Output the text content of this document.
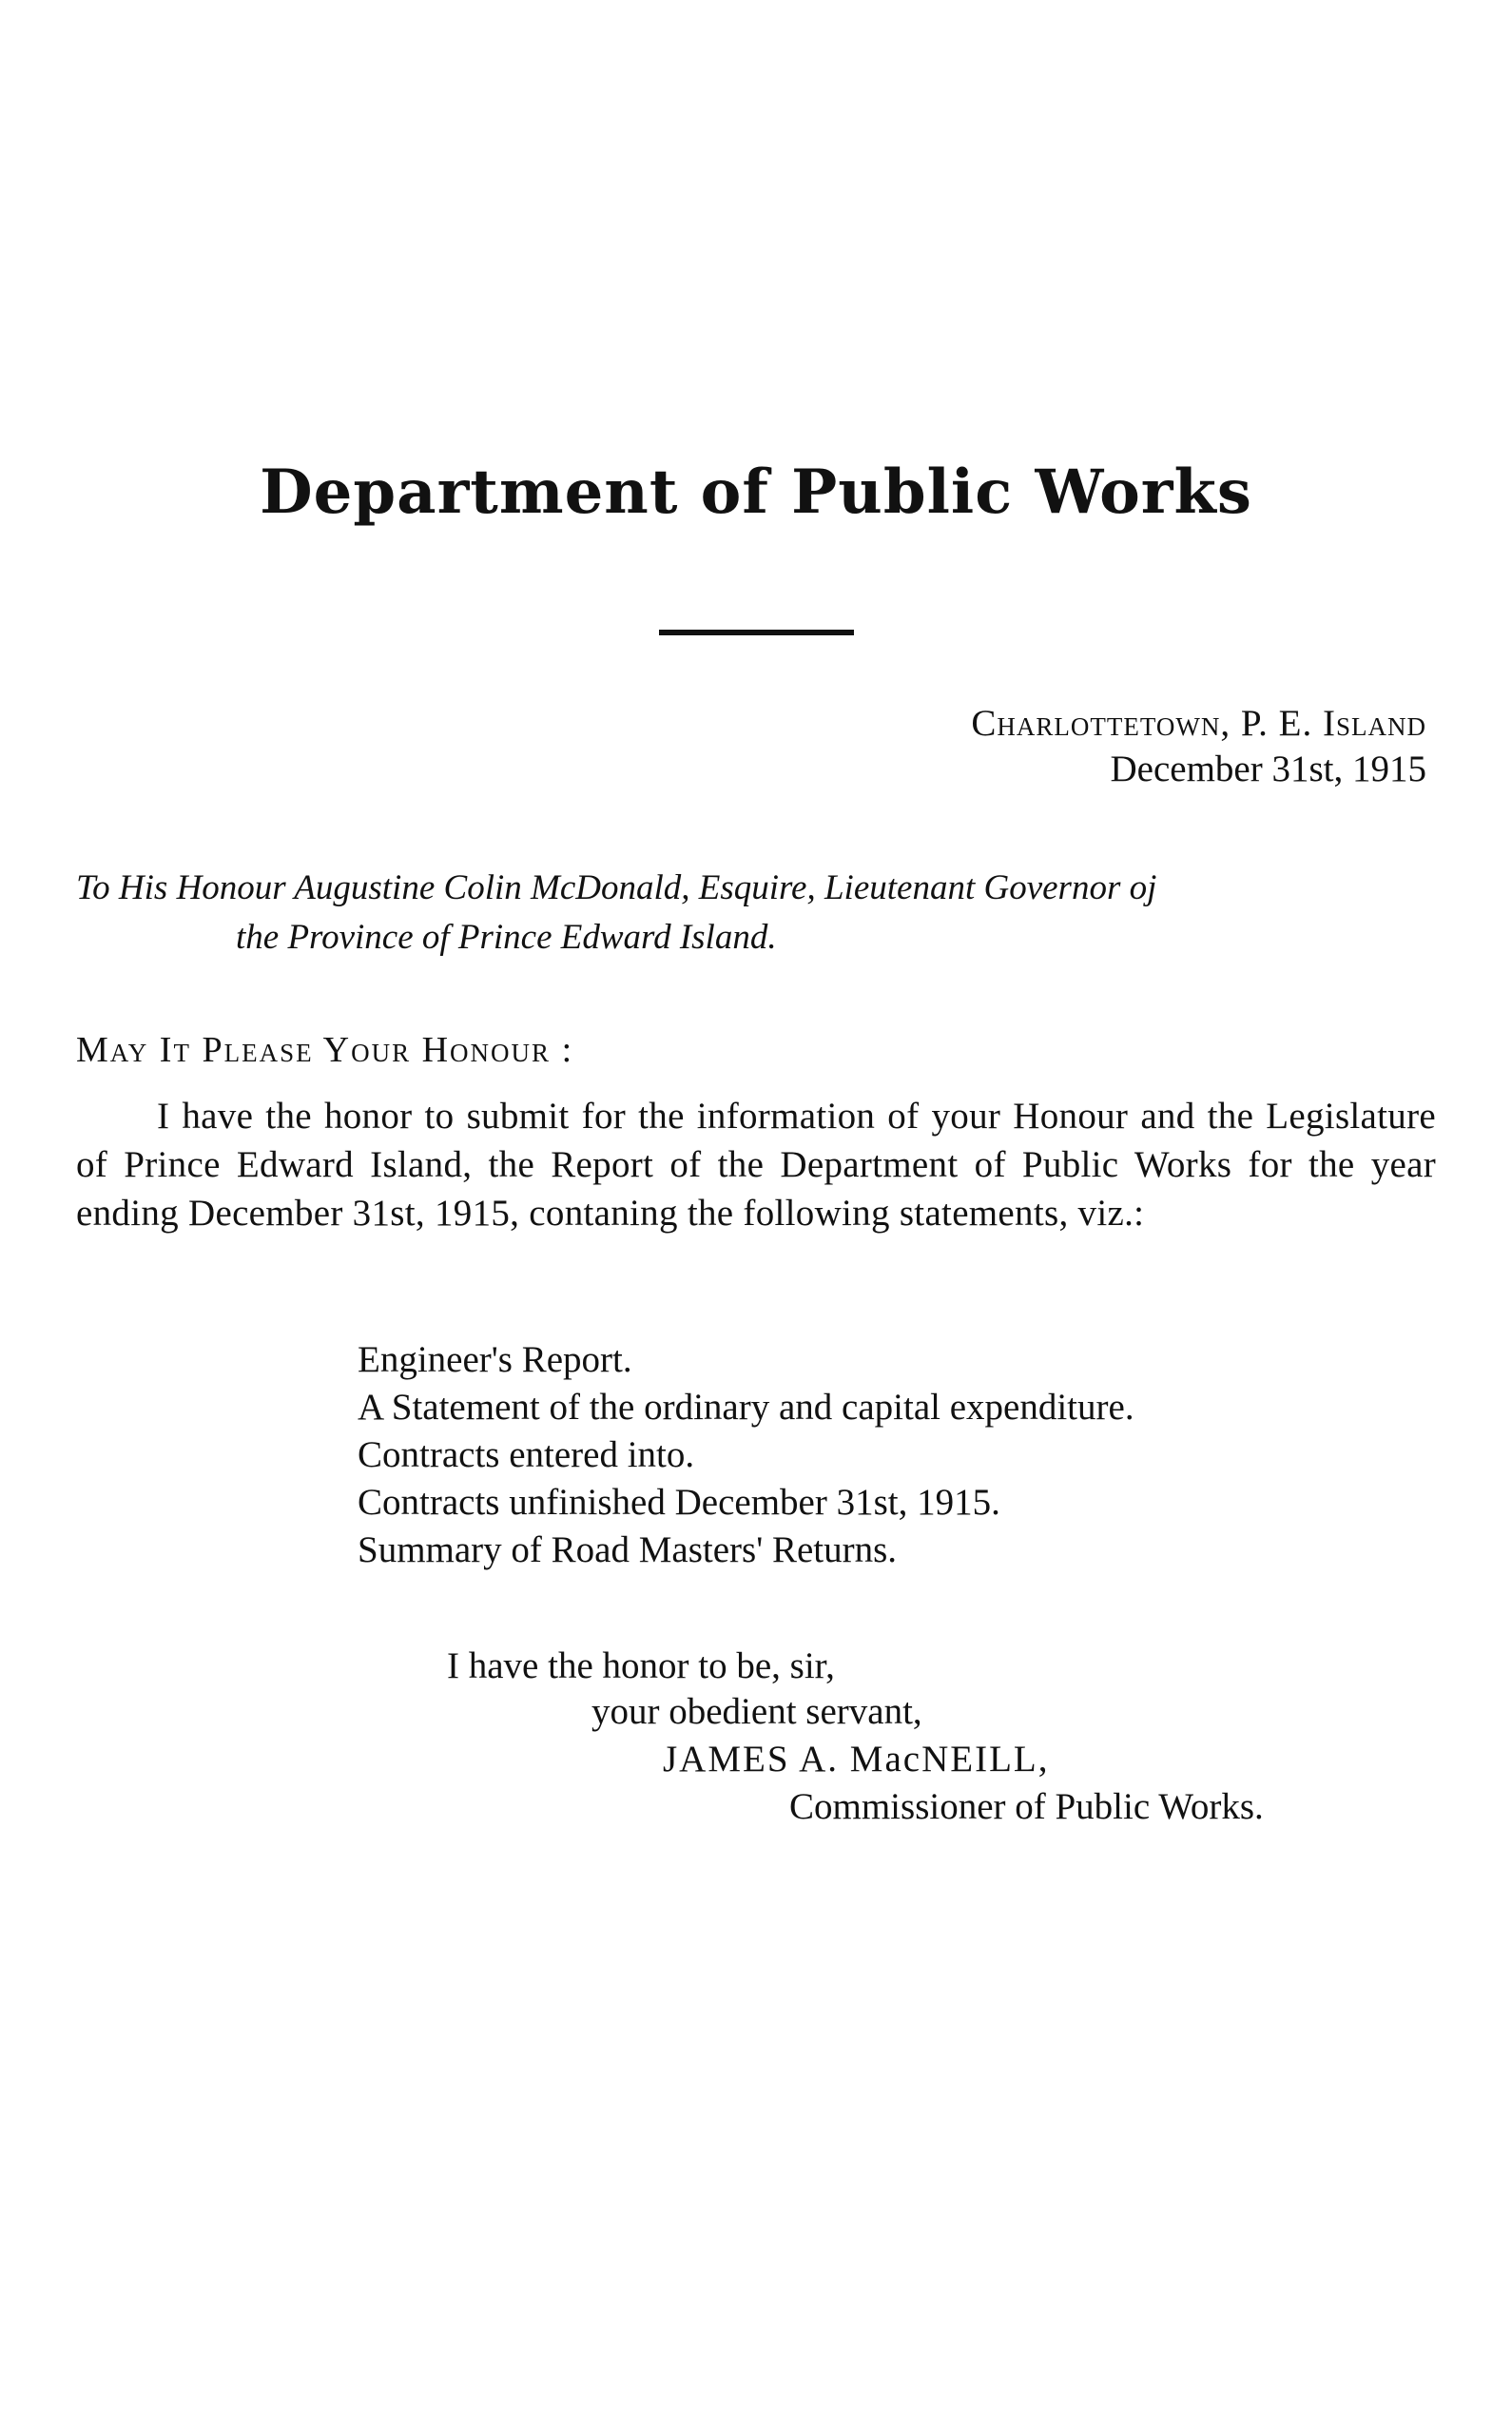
Department of Public Works
Charlottetown, P. E. Island
December 31st, 1915
To His Honour Augustine Colin McDonald, Esquire, Lieutenant Governor oj
the Province of Prince Edward Island.
May It Please Your Honour :
I have the honor to submit for the information of your Honour and the Legislature of Prince Edward Island, the Report of the Department of Public Works for the year ending December 31st, 1915, contaning the following statements, viz.:
Engineer's Report.
A Statement of the ordinary and capital expenditure.
Contracts entered into.
Contracts unfinished December 31st, 1915.
Summary of Road Masters' Returns.
I have the honor to be, sir,
your obedient servant,
JAMES A. MacNEILL,
Commissioner of Public Works.
